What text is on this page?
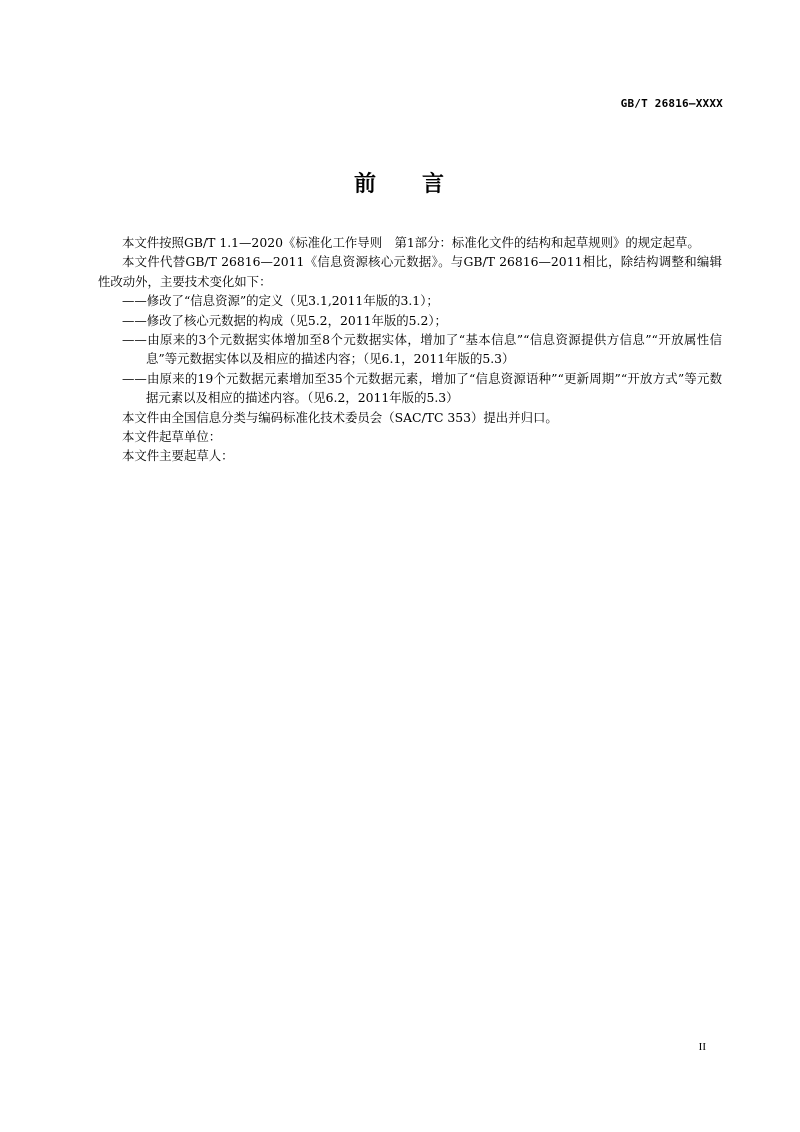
GB/T 26816—XXXX
前 言

本文件按照GB/T 1.1—2020《标准化工作导则　第1部分：标准化文件的结构和起草规则》的规定起草。

本文件代替GB/T 26816—2011《信息资源核心元数据》。与GB/T 26816—2011相比，除结构调整和编辑性改动外，主要技术变化如下：

——修改了“信息资源”的定义（见3.1,2011年版的3.1）；

——修改了核心元数据的构成（见5.2，2011年版的5.2）；

——由原来的3个元数据实体增加至8个元数据实体，增加了“基本信息”“信息资源提供方信息”“开放属性信息”等元数据实体以及相应的描述内容；（见6.1，2011年版的5.3）

——由原来的19个元数据元素增加至35个元数据元素，增加了“信息资源语种”“更新周期”“开放方式”等元数据元素以及相应的描述内容。（见6.2，2011年版的5.3）

本文件由全国信息分类与编码标准化技术委员会（SAC/TC 353）提出并归口。

本文件起草单位：

本文件主要起草人：

II
